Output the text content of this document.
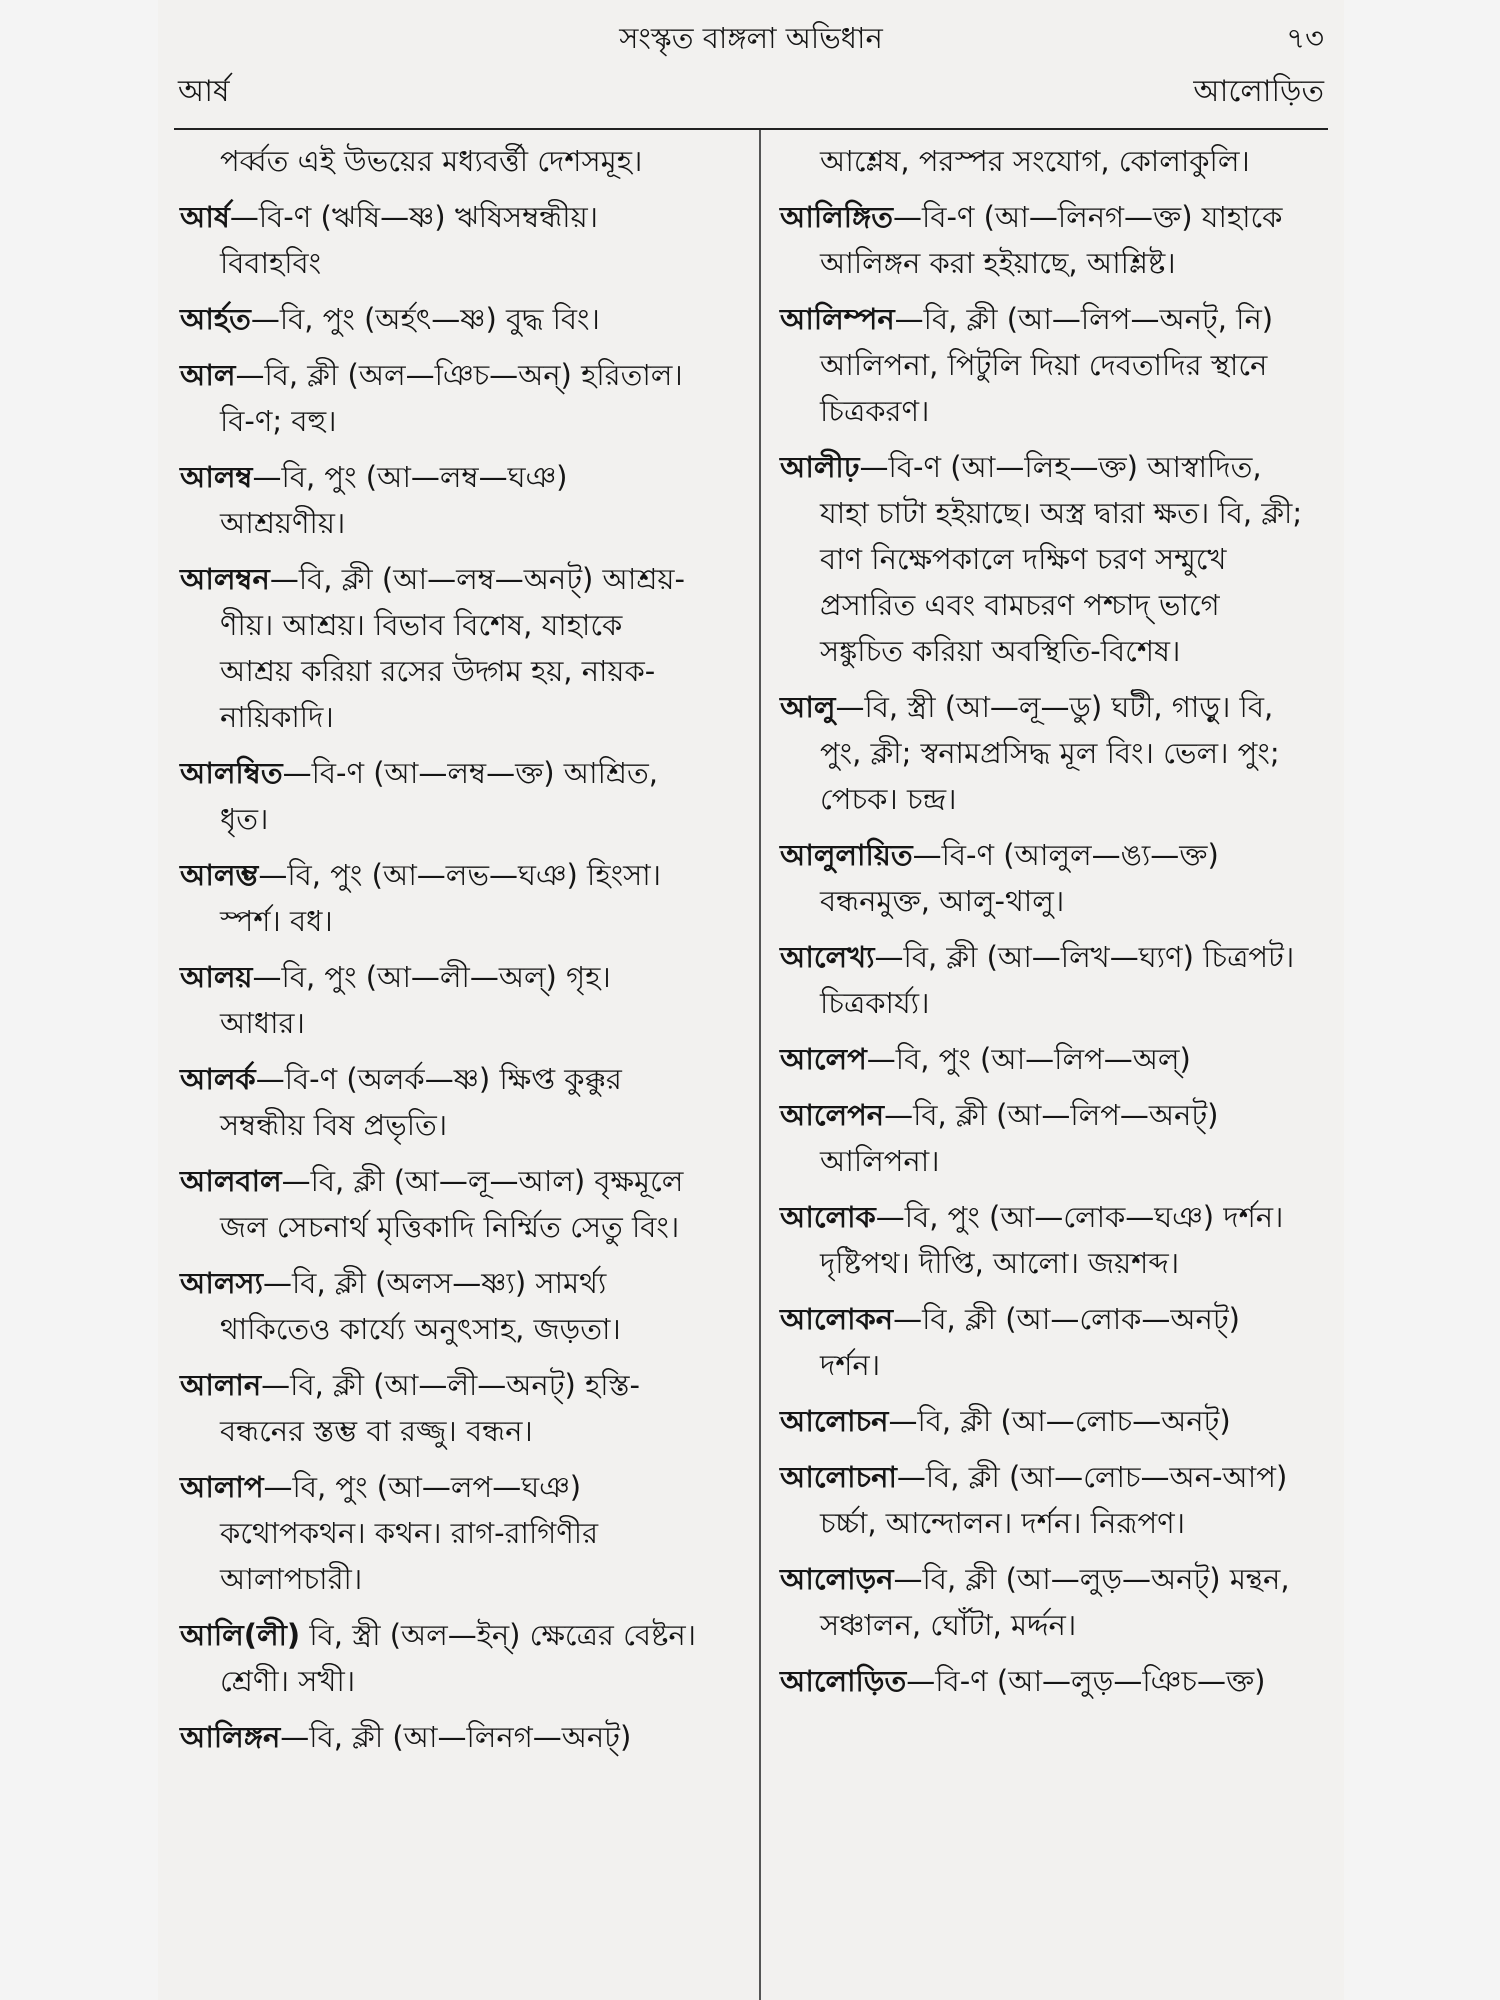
সংস্কৃত বাঙ্গলা অভিধান	৭৩
আর্ষ	আলোড়িত
পর্ব্বত এই উভয়ের মধ্যবর্ত্তী দেশসমূহ।
আর্ষ—বি-ণ (ঋষি—ষ্ণ) ঋষিসম্বন্ধীয়।
বিবাহবিং
আর্হত—বি, পুং (অর্হৎ—ষ্ণ) বুদ্ধ বিং।
আল—বি, ক্লী (অল—ঞিচ—অন্) হরিতাল।
বি-ণ; বহু।
আলম্ব—বি, পুং (আ—লম্ব—ঘঞ)
আশ্রয়ণীয়।
আলম্বন—বি, ক্লী (আ—লম্ব—অনট্) আশ্রয়-
ণীয়। আশ্রয়। বিভাব বিশেষ, যাহাকে
আশ্রয় করিয়া রসের উদ্গম হয়, নায়ক-
নায়িকাদি।
আলম্বিত—বি-ণ (আ—লম্ব—ক্ত) আশ্রিত,
ধৃত।
আলম্ভ—বি, পুং (আ—লভ—ঘঞ) হিংসা।
স্পর্শ। বধ।
আলয়—বি, পুং (আ—লী—অল্) গৃহ।
আধার।
আলর্ক—বি-ণ (অলর্ক—ষ্ণ) ক্ষিপ্ত কুক্কুর
সম্বন্ধীয় বিষ প্রভৃতি।
আলবাল—বি, ক্লী (আ—লূ—আল) বৃক্ষমূলে
জল সেচনার্থ মৃত্তিকাদি নির্ম্মিত সেতু বিং।
আলস্য—বি, ক্লী (অলস—ষ্ণ্য) সামর্থ্য
থাকিতেও কার্য্যে অনুৎসাহ, জড়তা।
আলান—বি, ক্লী (আ—লী—অনট্) হস্তি-
বন্ধনের স্তম্ভ বা রজ্জু। বন্ধন।
আলাপ—বি, পুং (আ—লপ—ঘঞ)
কথোপকথন। কথন। রাগ-রাগিণীর
আলাপচারী।
আলি(লী) বি, স্ত্রী (অল—ইন্) ক্ষেত্রের বেষ্টন।
শ্রেণী। সখী।
আলিঙ্গন—বি, ক্লী (আ—লিনগ—অনট্)
আশ্লেষ, পরস্পর সংযোগ, কোলাকুলি।
আলিঙ্গিত—বি-ণ (আ—লিনগ—ক্ত) যাহাকে
আলিঙ্গন করা হইয়াছে, আশ্লিষ্ট।
আলিম্পন—বি, ক্লী (আ—লিপ—অনট্, নি)
আলিপনা, পিটুলি দিয়া দেবতাদির স্থানে
চিত্রকরণ।
আলীঢ়—বি-ণ (আ—লিহ—ক্ত) আস্বাদিত,
যাহা চাটা হইয়াছে। অস্ত্র দ্বারা ক্ষত। বি, ক্লী;
বাণ নিক্ষেপকালে দক্ষিণ চরণ সম্মুখে
প্রসারিত এবং বামচরণ পশ্চাদ্ ভাগে
সঙ্কুচিত করিয়া অবস্থিতি-বিশেষ।
আলু—বি, স্ত্রী (আ—লূ—ডু) ঘটী, গাড়ু। বি,
পুং, ক্লী; স্বনামপ্রসিদ্ধ মূল বিং। ভেল। পুং;
পেচক। চন্দ্র।
আলুলায়িত—বি-ণ (আলুল—ঙ্য—ক্ত)
বন্ধনমুক্ত, আলু-থালু।
আলেখ্য—বি, ক্লী (আ—লিখ—ঘ্যণ) চিত্রপট।
চিত্রকার্য্য।
আলেপ—বি, পুং (আ—লিপ—অল্)
আলেপন—বি, ক্লী (আ—লিপ—অনট্)
আলিপনা।
আলোক—বি, পুং (আ—লোক—ঘঞ) দর্শন।
দৃষ্টিপথ। দীপ্তি, আলো। জয়শব্দ।
আলোকন—বি, ক্লী (আ—লোক—অনট্)
দর্শন।
আলোচন—বি, ক্লী (আ—লোচ—অনট্)
আলোচনা—বি, ক্লী (আ—লোচ—অন-আপ)
চর্চ্চা, আন্দোলন। দর্শন। নিরূপণ।
আলোড়ন—বি, ক্লী (আ—লুড়—অনট্) মন্থন,
সঞ্চালন, ঘোঁটা, মর্দ্দন।
আলোড়িত—বি-ণ (আ—লুড়—ঞিচ—ক্ত)
